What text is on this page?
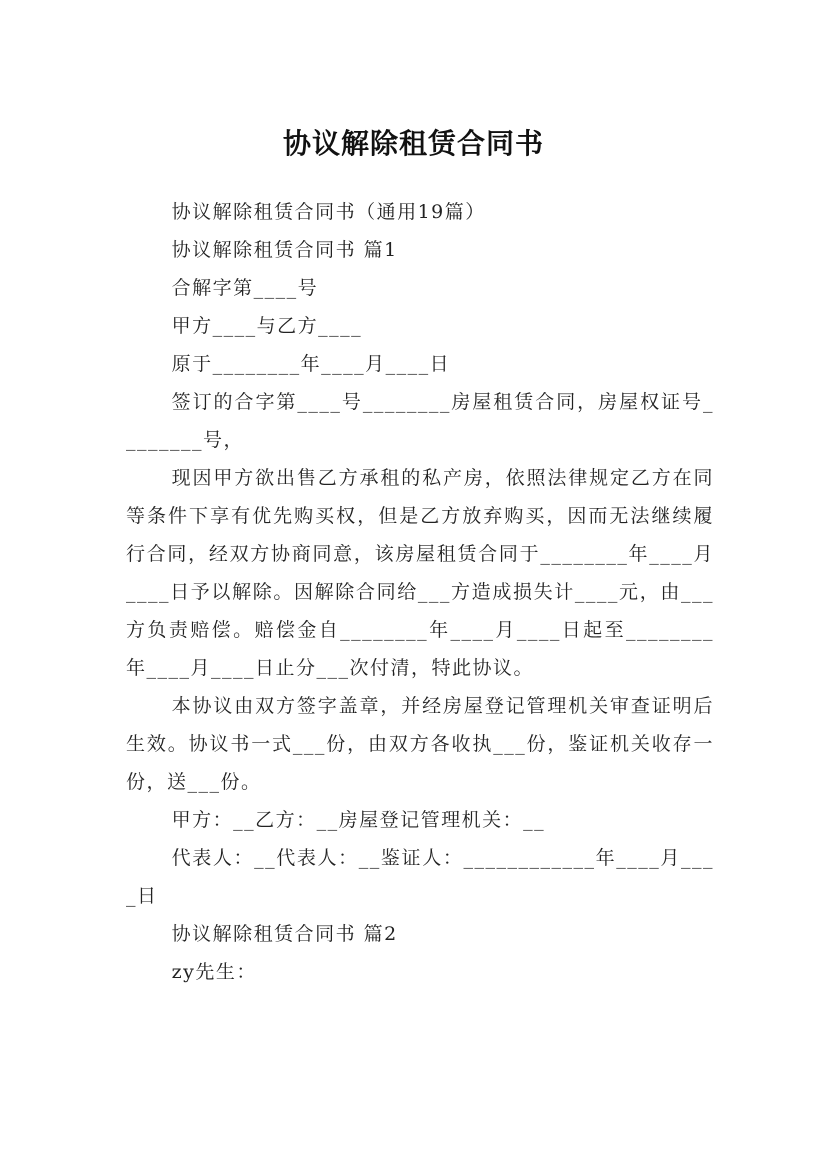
协议解除租赁合同书

协议解除租赁合同书（通用19篇）

协议解除租赁合同书 篇1

合解字第____号

甲方____与乙方____

原于________年____月____日

签订的合字第____号________房屋租赁合同，房屋权证号________号，

现因甲方欲出售乙方承租的私产房，依照法律规定乙方在同等条件下享有优先购买权，但是乙方放弃购买，因而无法继续履行合同，经双方协商同意，该房屋租赁合同于________年____月____日予以解除。因解除合同给___方造成损失计____元，由___方负责赔偿。赔偿金自________年____月____日起至________年____月____日止分___次付清，特此协议。

本协议由双方签字盖章，并经房屋登记管理机关审查证明后生效。协议书一式___份，由双方各收执___份，鉴证机关收存一份，送___份。

甲方：__乙方：__房屋登记管理机关：__

代表人：__代表人：__鉴证人：____________年____月____日

协议解除租赁合同书 篇2

zy先生：
